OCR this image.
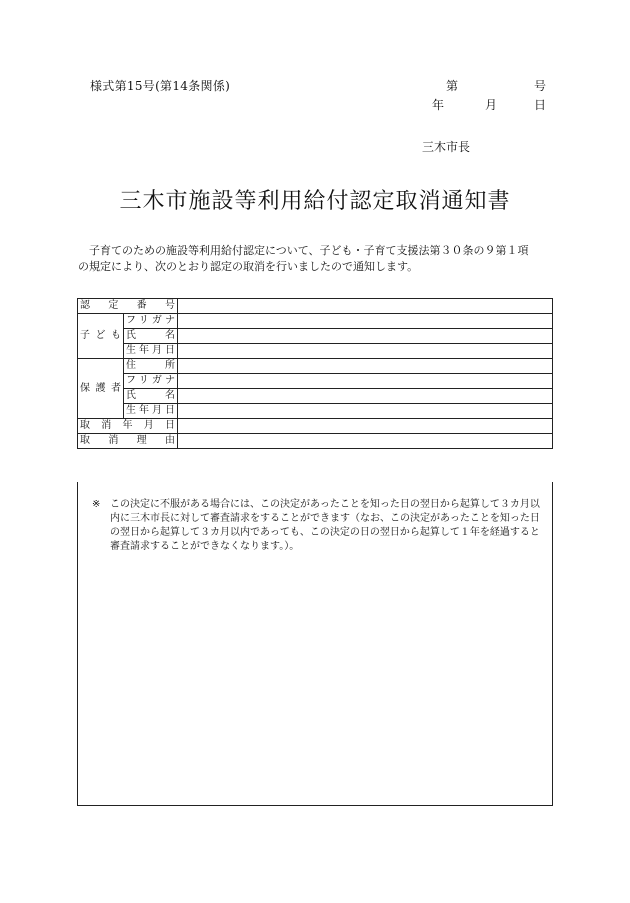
様式第15号(第14条関係)	第	号
年	月	日
三木市長
三木市施設等利用給付認定取消通知書
子育てのための施設等利用給付認定について、子ども・子育て支援法第３０条の９第１項の規定により、次のとおり認定の取消を行いましたので通知します。
認定番号		
子ども	フリガナ	
	氏名	
	生年月日	
保護者	住所	
	フリガナ	
	氏名	
	生年月日	
取消年月日		
取消理由		
※ この決定に不服がある場合には、この決定があったことを知った日の翌日から起算して３カ月以内に三木市長に対して審査請求をすることができます（なお、この決定があったことを知った日の翌日から起算して３カ月以内であっても、この決定の日の翌日から起算して１年を経過すると審査請求することができなくなります。）。
